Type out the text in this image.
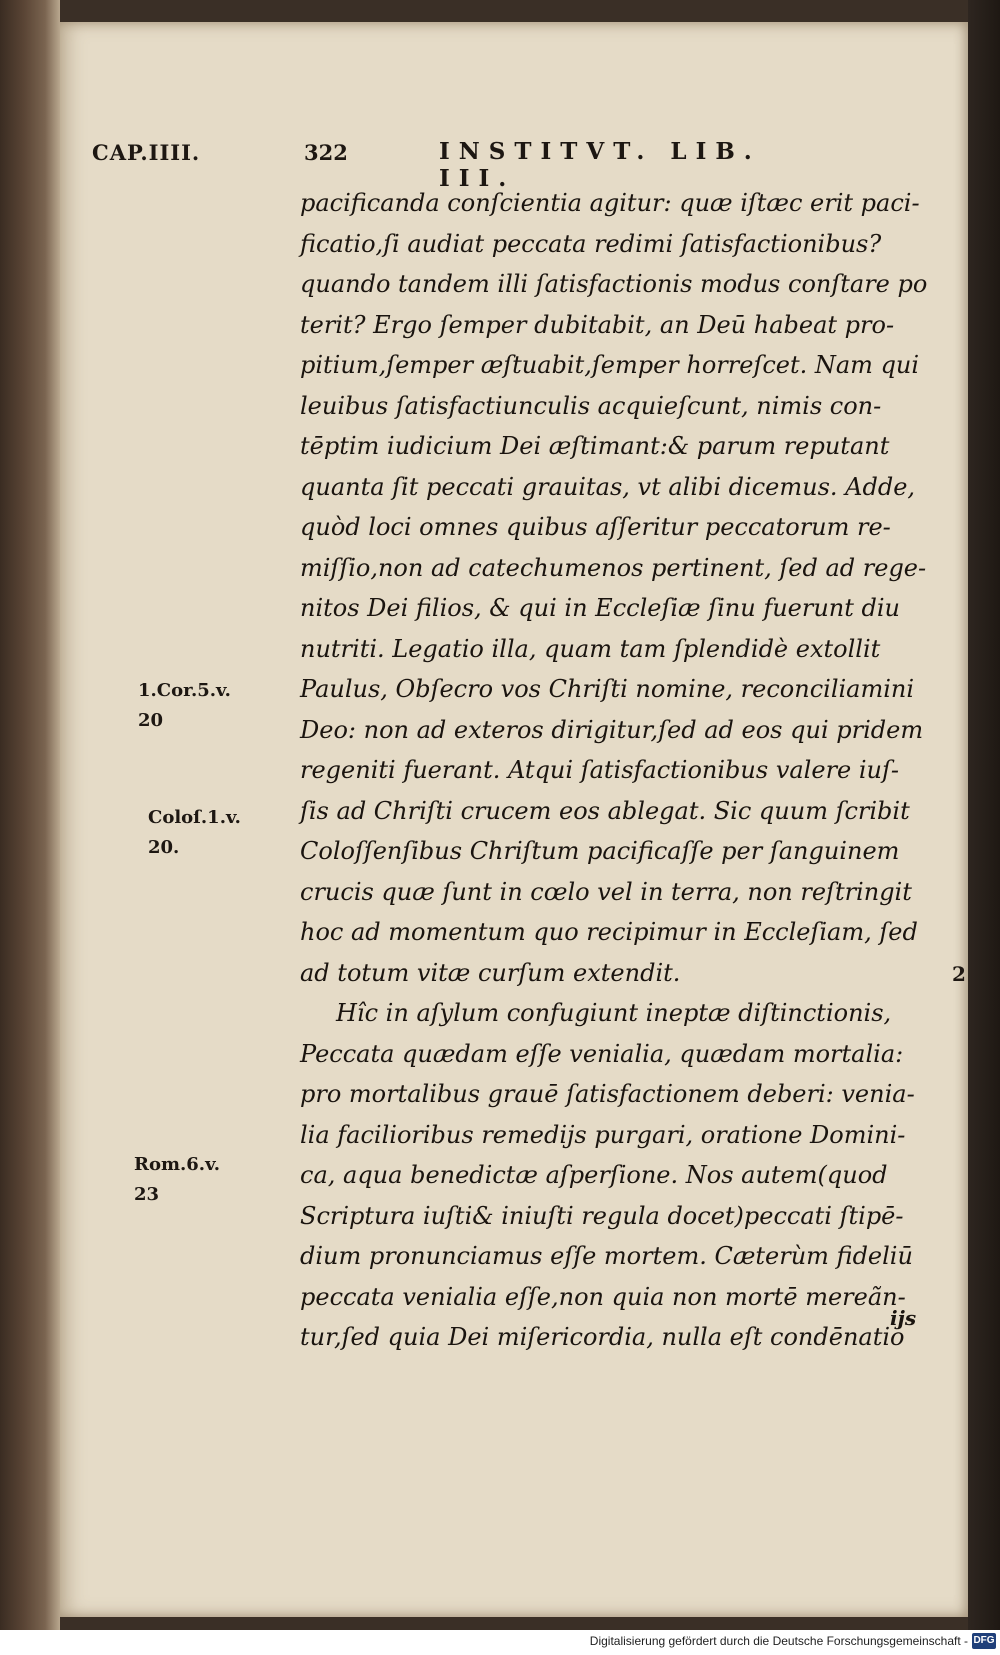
CAP.IIII.	322	INSTITVT. LIB. III.
pacificanda conſcientia agitur: quæ iſtæc erit paci-
ficatio,ſi audiat peccata redimi ſatisfactionibus?
quando tandem illi ſatisfactionis modus conſtare po
terit? Ergo ſemper dubitabit, an Deū habeat pro-
pitium,ſemper æſtuabit,ſemper horreſcet. Nam qui
leuibus ſatisfactiunculis acquieſcunt, nimis con-
tēptim iudicium Dei æſtimant:& parum reputant
quanta ſit peccati grauitas, vt alibi dicemus. Adde,
quòd loci omnes quibus aſſeritur peccatorum re-
miſſio,non ad catechumenos pertinent, ſed ad rege-
nitos Dei filios, & qui in Eccleſiæ ſinu fuerunt diu
nutriti. Legatio illa, quam tam ſplendidè extollit
Paulus, Obſecro vos Chriſti nomine, reconciliamini
Deo: non ad exteros dirigitur,ſed ad eos qui pridem
regeniti fuerant. Atqui ſatisfactionibus valere iuſ-
ſis ad Chriſti crucem eos ablegat. Sic quum ſcribit
Coloſſenſibus Chriſtum pacificaſſe per ſanguinem
crucis quæ ſunt in cœlo vel in terra, non reſtringit
hoc ad momentum quo recipimur in Eccleſiam, ſed
ad totum vitæ curſum extendit.
Hîc in aſylum confugiunt ineptæ diſtinctionis,
Peccata quædam eſſe venialia, quædam mortalia:
pro mortalibus grauē ſatisfactionem deberi: venia-
lia facilioribus remedijs purgari, oratione Domini-
ca, aqua benedictæ aſperſione. Nos autem(quod
Scriptura iuſti& iniuſti regula docet)peccati ſtipē-
dium pronunciamus eſſe mortem. Cæterùm fideliū
peccata venialia eſſe,non quia non mortē mereãn-
tur,ſed quia Dei miſericordia, nulla eſt condēnatio
1.Cor.5.v.
20
Coloſ.1.v.
20.
Rom.6.v.
23
2
ijs
Digitalisierung gefördert durch die Deutsche Forschungsgemeinschaft - DFG
